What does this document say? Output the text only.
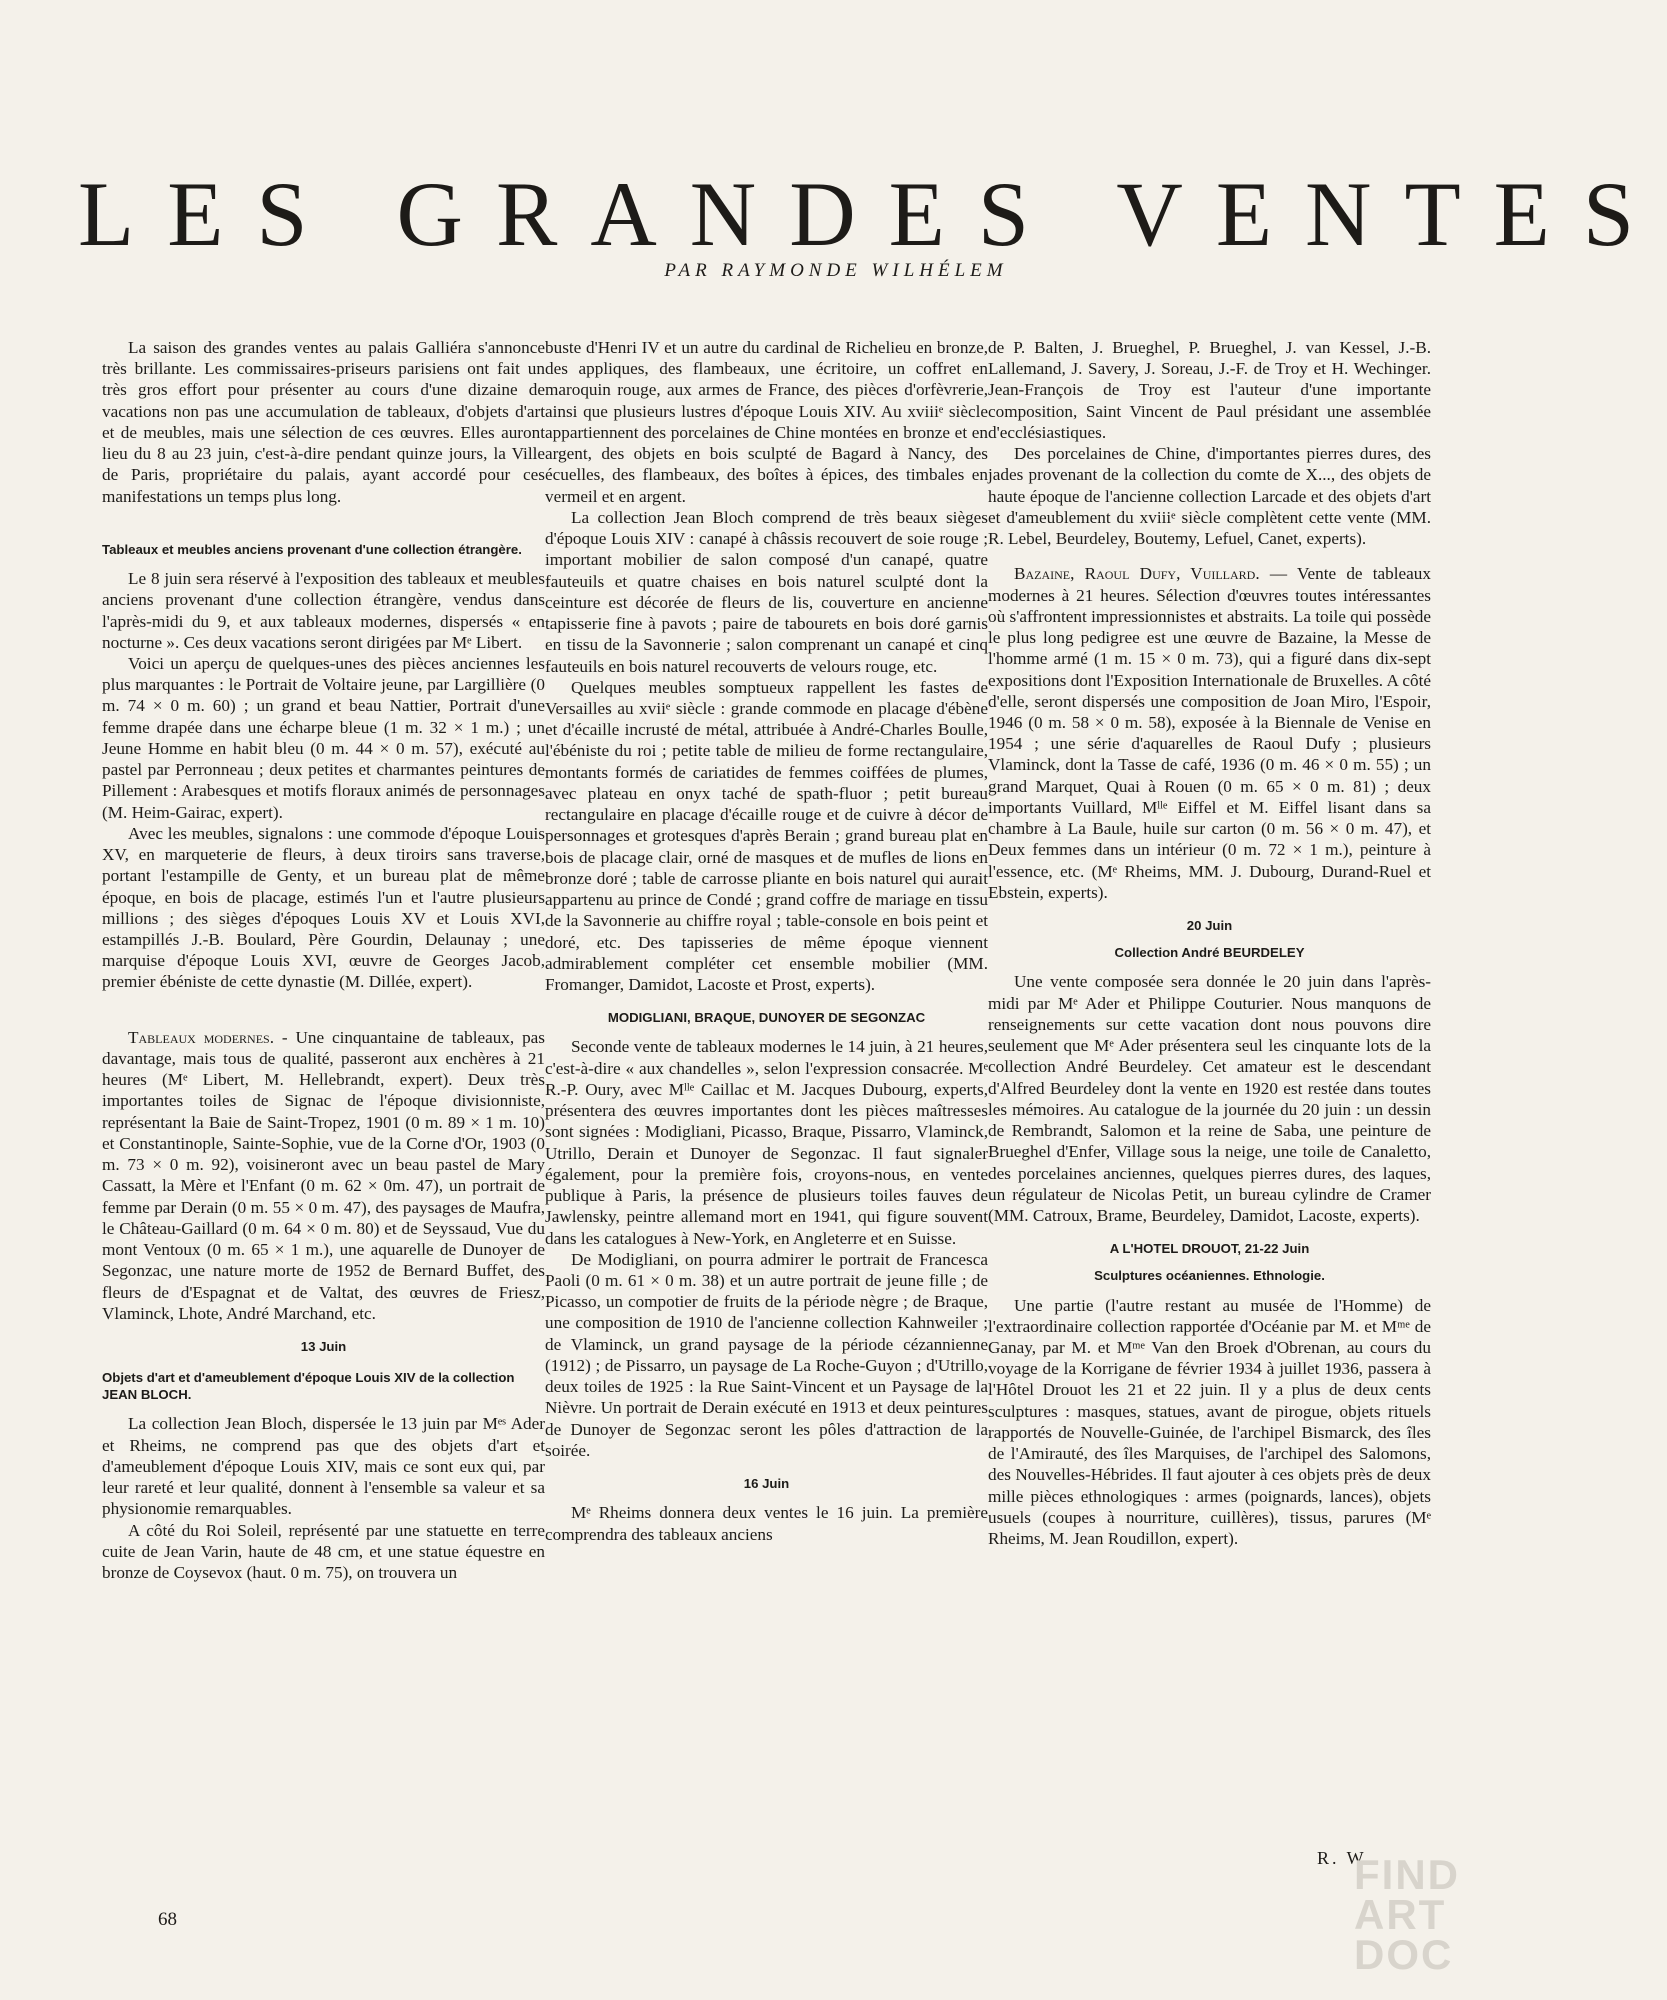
LES GRANDES VENTES

PAR RAYMONDE WILHÉLEM

La saison des grandes ventes au palais Galliéra s'annonce très brillante. Les commissaires-priseurs parisiens ont fait un très gros effort pour présenter au cours d'une dizaine de vacations non pas une accumulation de tableaux, d'objets d'art et de meubles, mais une sélection de ces œuvres. Elles auront lieu du 8 au 23 juin, c'est-à-dire pendant quinze jours, la Ville de Paris, propriétaire du palais, ayant accordé pour ces manifestations un temps plus long.

Tableaux et meubles anciens provenant d'une collection étrangère.

Le 8 juin sera réservé à l'exposition des tableaux et meubles anciens provenant d'une collection étrangère, vendus dans l'après-midi du 9, et aux tableaux modernes, dispersés « en nocturne ». Ces deux vacations seront dirigées par Mᵉ Libert.

Voici un aperçu de quelques-unes des pièces anciennes les plus marquantes : le Portrait de Voltaire jeune, par Largillière (0 m. 74 × 0 m. 60) ; un grand et beau Nattier, Portrait d'une femme drapée dans une écharpe bleue (1 m. 32 × 1 m.) ; un Jeune Homme en habit bleu (0 m. 44 × 0 m. 57), exécuté au pastel par Perronneau ; deux petites et charmantes peintures de Pillement : Arabesques et motifs floraux animés de personnages (M. Heim-Gairac, expert).

Avec les meubles, signalons : une commode d'époque Louis XV, en marqueterie de fleurs, à deux tiroirs sans traverse, portant l'estampille de Genty, et un bureau plat de même époque, en bois de placage, estimés l'un et l'autre plusieurs millions ; des sièges d'époques Louis XV et Louis XVI, estampillés J.-B. Boulard, Père Gourdin, Delaunay ; une marquise d'époque Louis XVI, œuvre de Georges Jacob, premier ébéniste de cette dynastie (M. Dillée, expert).

Tableaux modernes. - Une cinquantaine de tableaux, pas davantage, mais tous de qualité, passeront aux enchères à 21 heures (Mᵉ Libert, M. Hellebrandt, expert). Deux très importantes toiles de Signac de l'époque divisionniste, représentant la Baie de Saint-Tropez, 1901 (0 m. 89 × 1 m. 10) et Constantinople, Sainte-Sophie, vue de la Corne d'Or, 1903 (0 m. 73 × 0 m. 92), voisineront avec un beau pastel de Mary Cassatt, la Mère et l'Enfant (0 m. 62 × 0m. 47), un portrait de femme par Derain (0 m. 55 × 0 m. 47), des paysages de Maufra, le Château-Gaillard (0 m. 64 × 0 m. 80) et de Seyssaud, Vue du mont Ventoux (0 m. 65 × 1 m.), une aquarelle de Dunoyer de Segonzac, une nature morte de 1952 de Bernard Buffet, des fleurs de d'Espagnat et de Valtat, des œuvres de Friesz, Vlaminck, Lhote, André Marchand, etc.

13 Juin
Objets d'art et d'ameublement d'époque Louis XIV de la collection JEAN BLOCH.

La collection Jean Bloch, dispersée le 13 juin par Mᵉˢ Ader et Rheims, ne comprend pas que des objets d'art et d'ameublement d'époque Louis XIV, mais ce sont eux qui, par leur rareté et leur qualité, donnent à l'ensemble sa valeur et sa physionomie remarquables.

A côté du Roi Soleil, représenté par une statuette en terre cuite de Jean Varin, haute de 48 cm, et une statue équestre en bronze de Coysevox (haut. 0 m. 75), on trouvera un

buste d'Henri IV et un autre du cardinal de Richelieu en bronze, des appliques, des flambeaux, une écritoire, un coffret en maroquin rouge, aux armes de France, des pièces d'orfèvrerie, ainsi que plusieurs lustres d'époque Louis XIV. Au xviiiᵉ siècle appartiennent des porcelaines de Chine montées en bronze et en argent, des objets en bois sculpté de Bagard à Nancy, des écuelles, des flambeaux, des boîtes à épices, des timbales en vermeil et en argent.

La collection Jean Bloch comprend de très beaux sièges d'époque Louis XIV : canapé à châssis recouvert de soie rouge ; important mobilier de salon composé d'un canapé, quatre fauteuils et quatre chaises en bois naturel sculpté dont la ceinture est décorée de fleurs de lis, couverture en ancienne tapisserie fine à pavots ; paire de tabourets en bois doré garnis en tissu de la Savonnerie ; salon comprenant un canapé et cinq fauteuils en bois naturel recouverts de velours rouge, etc.

Quelques meubles somptueux rappellent les fastes de Versailles au xviiᵉ siècle : grande commode en placage d'ébène et d'écaille incrusté de métal, attribuée à André-Charles Boulle, l'ébéniste du roi ; petite table de milieu de forme rectangulaire, montants formés de cariatides de femmes coiffées de plumes, avec plateau en onyx taché de spath-fluor ; petit bureau rectangulaire en placage d'écaille rouge et de cuivre à décor de personnages et grotesques d'après Berain ; grand bureau plat en bois de placage clair, orné de masques et de mufles de lions en bronze doré ; table de carrosse pliante en bois naturel qui aurait appartenu au prince de Condé ; grand coffre de mariage en tissu de la Savonnerie au chiffre royal ; table-console en bois peint et doré, etc. Des tapisseries de même époque viennent admirablement compléter cet ensemble mobilier (MM. Fromanger, Damidot, Lacoste et Prost, experts).

MODIGLIANI, BRAQUE, DUNOYER DE SEGONZAC

Seconde vente de tableaux modernes le 14 juin, à 21 heures, c'est-à-dire « aux chandelles », selon l'expression consacrée. Mᵉ R.-P. Oury, avec Mˡˡᵉ Caillac et M. Jacques Dubourg, experts, présentera des œuvres importantes dont les pièces maîtresses sont signées : Modigliani, Picasso, Braque, Pissarro, Vlaminck, Utrillo, Derain et Dunoyer de Segonzac. Il faut signaler également, pour la première fois, croyons-nous, en vente publique à Paris, la présence de plusieurs toiles fauves de Jawlensky, peintre allemand mort en 1941, qui figure souvent dans les catalogues à New-York, en Angleterre et en Suisse.

De Modigliani, on pourra admirer le portrait de Francesca Paoli (0 m. 61 × 0 m. 38) et un autre portrait de jeune fille ; de Picasso, un compotier de fruits de la période nègre ; de Braque, une composition de 1910 de l'ancienne collection Kahnweiler ; de Vlaminck, un grand paysage de la période cézannienne (1912) ; de Pissarro, un paysage de La Roche-Guyon ; d'Utrillo, deux toiles de 1925 : la Rue Saint-Vincent et un Paysage de la Nièvre. Un portrait de Derain exécuté en 1913 et deux peintures de Dunoyer de Segonzac seront les pôles d'attraction de la soirée.

16 Juin

Mᵉ Rheims donnera deux ventes le 16 juin. La première comprendra des tableaux anciens

de P. Balten, J. Brueghel, P. Brueghel, J. van Kessel, J.-B. Lallemand, J. Savery, J. Soreau, J.-F. de Troy et H. Wechinger. Jean-François de Troy est l'auteur d'une importante composition, Saint Vincent de Paul présidant une assemblée d'ecclésiastiques.

Des porcelaines de Chine, d'importantes pierres dures, des jades provenant de la collection du comte de X..., des objets de haute époque de l'ancienne collection Larcade et des objets d'art et d'ameublement du xviiiᵉ siècle complètent cette vente (MM. R. Lebel, Beurdeley, Boutemy, Lefuel, Canet, experts).

Bazaine, Raoul Dufy, Vuillard. — Vente de tableaux modernes à 21 heures. Sélection d'œuvres toutes intéressantes où s'affrontent impressionnistes et abstraits. La toile qui possède le plus long pedigree est une œuvre de Bazaine, la Messe de l'homme armé (1 m. 15 × 0 m. 73), qui a figuré dans dix-sept expositions dont l'Exposition Internationale de Bruxelles. A côté d'elle, seront dispersés une composition de Joan Miro, l'Espoir, 1946 (0 m. 58 × 0 m. 58), exposée à la Biennale de Venise en 1954 ; une série d'aquarelles de Raoul Dufy ; plusieurs Vlaminck, dont la Tasse de café, 1936 (0 m. 46 × 0 m. 55) ; un grand Marquet, Quai à Rouen (0 m. 65 × 0 m. 81) ; deux importants Vuillard, Mˡˡᵉ Eiffel et M. Eiffel lisant dans sa chambre à La Baule, huile sur carton (0 m. 56 × 0 m. 47), et Deux femmes dans un intérieur (0 m. 72 × 1 m.), peinture à l'essence, etc. (Mᵉ Rheims, MM. J. Dubourg, Durand-Ruel et Ebstein, experts).

20 Juin
Collection André BEURDELEY

Une vente composée sera donnée le 20 juin dans l'après-midi par Mᵉ Ader et Philippe Couturier. Nous manquons de renseignements sur cette vacation dont nous pouvons dire seulement que Mᵉ Ader présentera seul les cinquante lots de la collection André Beurdeley. Cet amateur est le descendant d'Alfred Beurdeley dont la vente en 1920 est restée dans toutes les mémoires. Au catalogue de la journée du 20 juin : un dessin de Rembrandt, Salomon et la reine de Saba, une peinture de Brueghel d'Enfer, Village sous la neige, une toile de Canaletto, des porcelaines anciennes, quelques pierres dures, des laques, un régulateur de Nicolas Petit, un bureau cylindre de Cramer (MM. Catroux, Brame, Beurdeley, Damidot, Lacoste, experts).

A L'HOTEL DROUOT, 21-22 Juin
Sculptures océaniennes. Ethnologie.

Une partie (l'autre restant au musée de l'Homme) de l'extraordinaire collection rapportée d'Océanie par M. et Mᵐᵉ de Ganay, par M. et Mᵐᵉ Van den Broek d'Obrenan, au cours du voyage de la Korrigane de février 1934 à juillet 1936, passera à l'Hôtel Drouot les 21 et 22 juin. Il y a plus de deux cents sculptures : masques, statues, avant de pirogue, objets rituels rapportés de Nouvelle-Guinée, de l'archipel Bismarck, des îles de l'Amirauté, des îles Marquises, de l'archipel des Salomons, des Nouvelles-Hébrides. Il faut ajouter à ces objets près de deux mille pièces ethnologiques : armes (poignards, lances), objets usuels (coupes à nourriture, cuillères), tissus, parures (Mᵉ Rheims, M. Jean Roudillon, expert).

R. W.
68
FIND
ART
DOC
